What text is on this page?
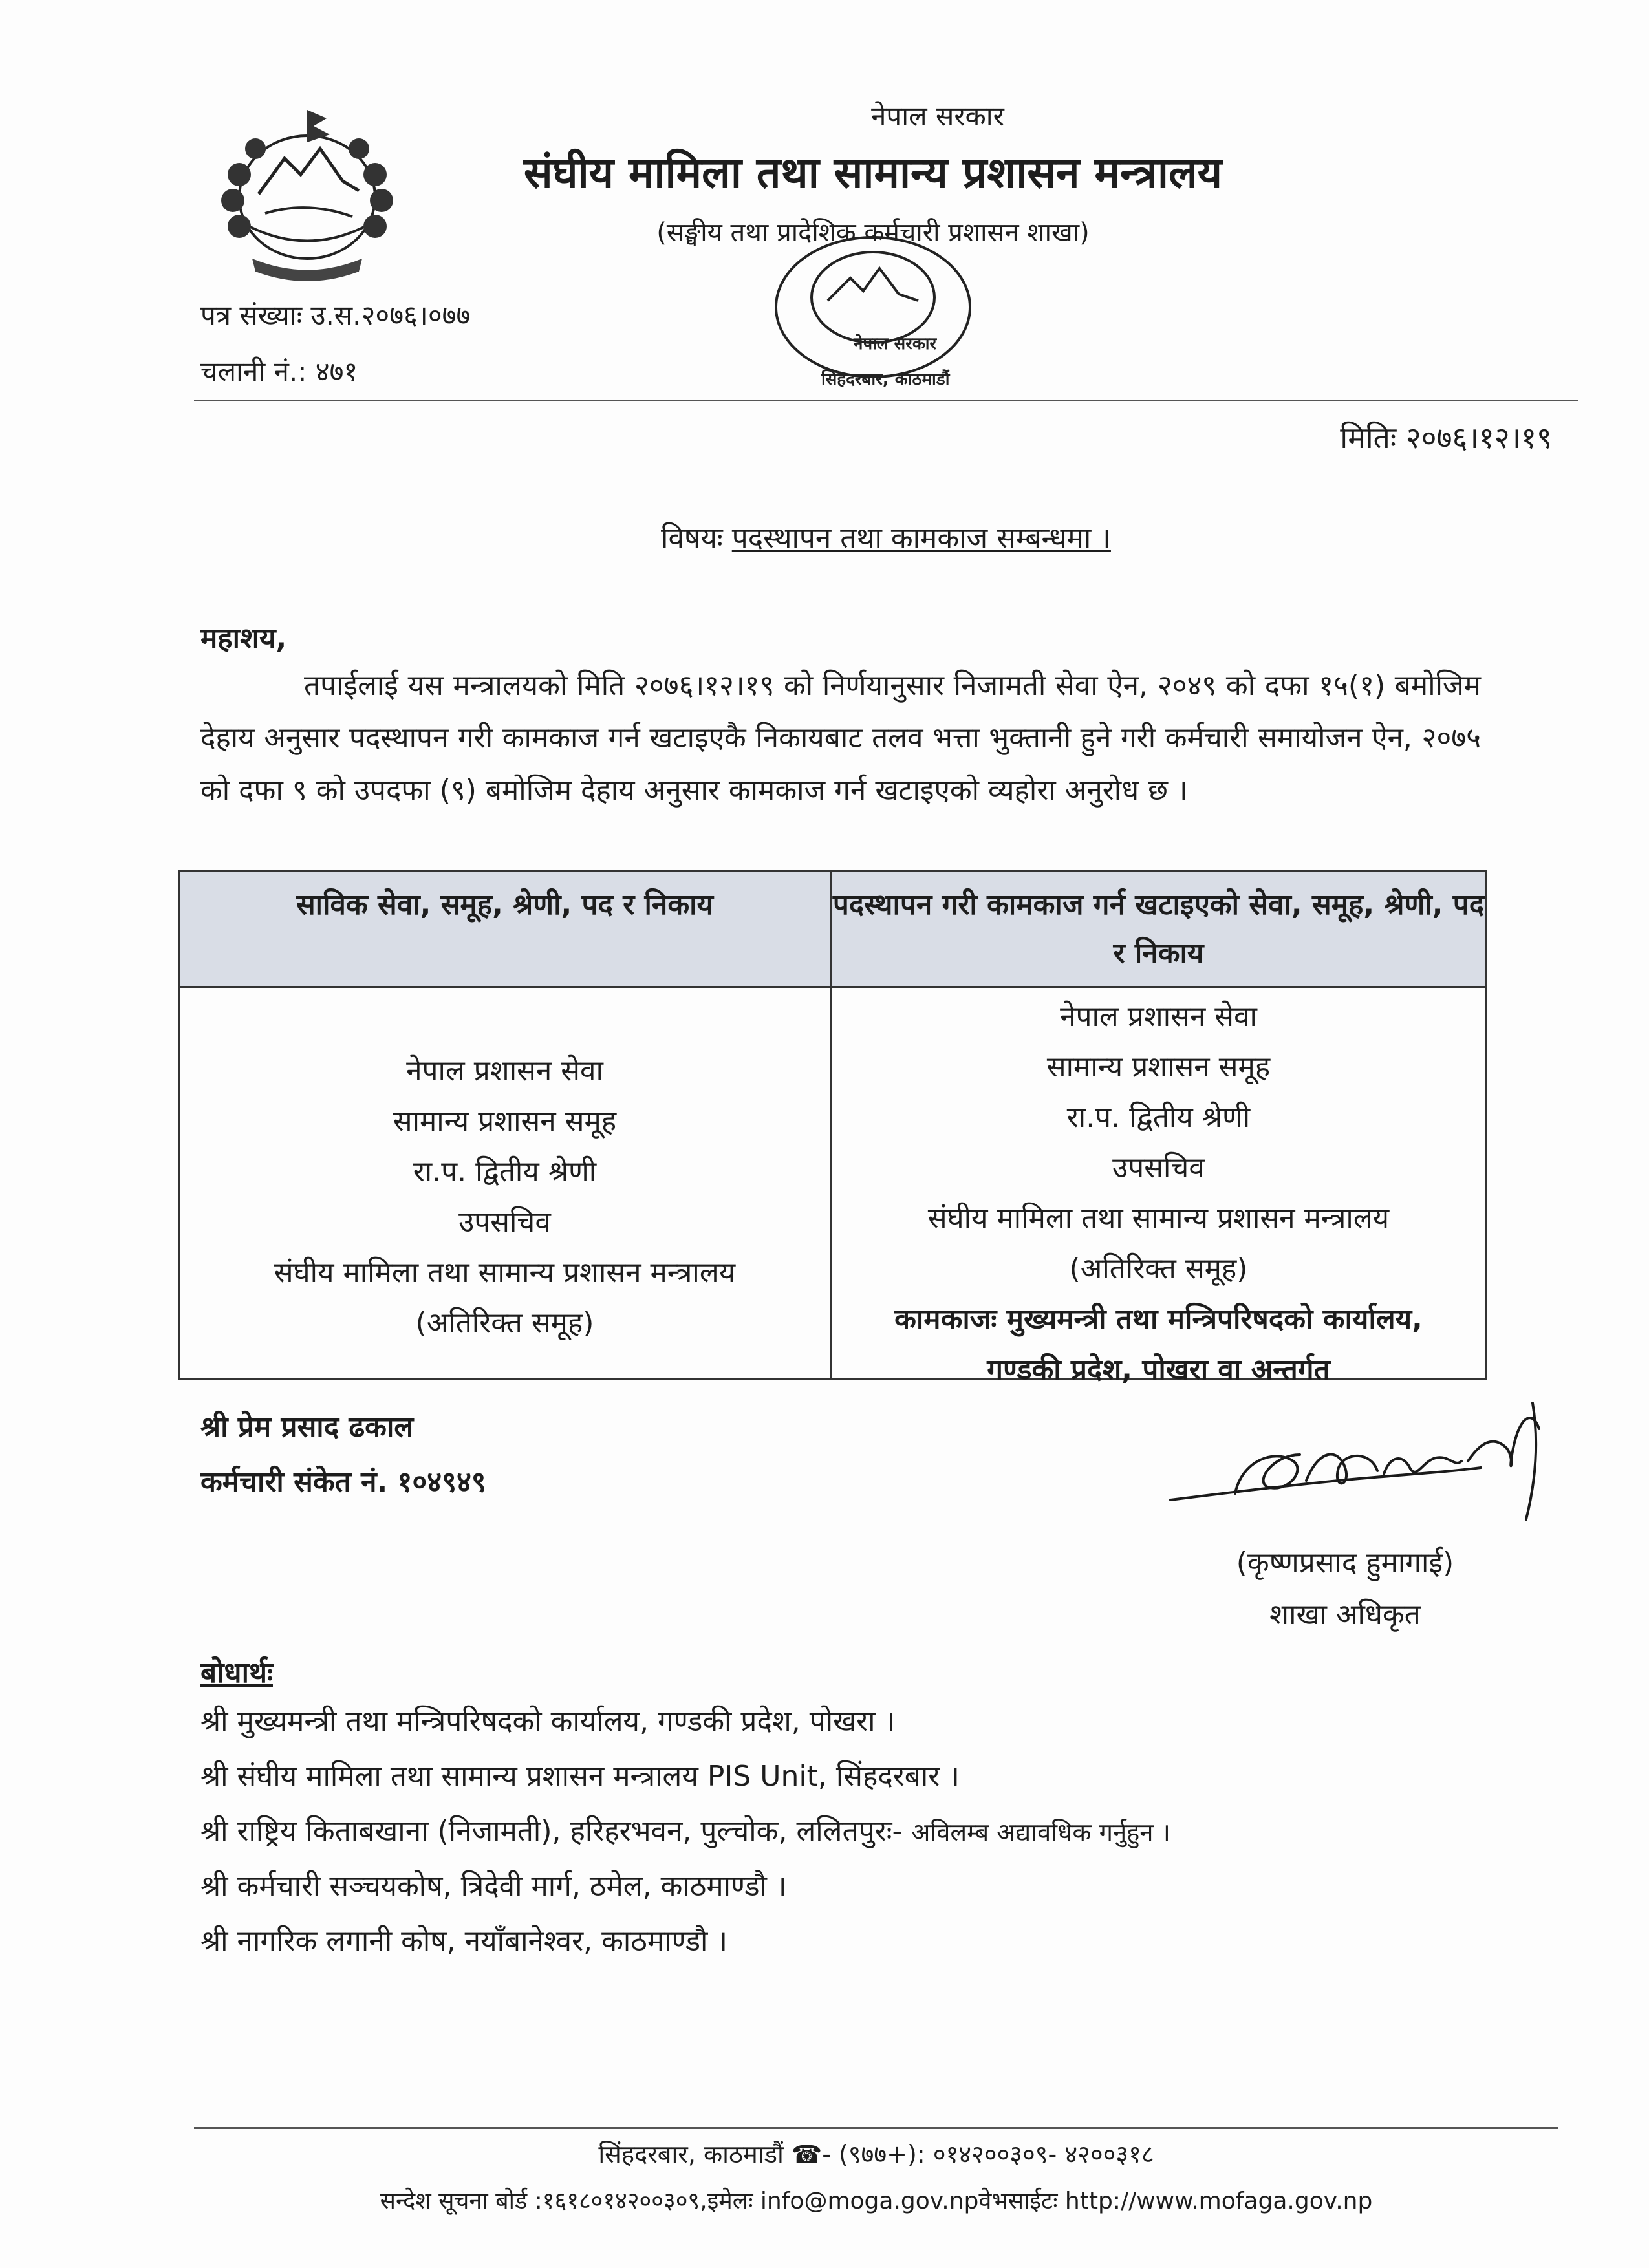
नेपाल सरकार
संघीय मामिला तथा सामान्य प्रशासन मन्त्रालय
(सङ्घीय तथा प्रादेशिक कर्मचारी प्रशासन शाखा)
नेपाल सरकार
सिंहदरबार, काठमाडौं
पत्र संख्याः उ.स.२०७६।०७७
चलानी नं.: ४७१
मितिः २०७६।१२।१९
विषयः पदस्थापन तथा कामकाज सम्बन्धमा ।
महाशय,
तपाईलाई यस मन्त्रालयको मिति २०७६।१२।१९ को निर्णयानुसार निजामती सेवा ऐन, २०४९ को दफा १५(१) बमोजिम देहाय अनुसार पदस्थापन गरी कामकाज गर्न खटाइएकै निकायबाट तलव भत्ता भुक्तानी हुने गरी कर्मचारी समायोजन ऐन, २०७५ को दफा ९ को उपदफा (९) बमोजिम देहाय अनुसार कामकाज गर्न खटाइएको व्यहोरा अनुरोध छ ।
साविक सेवा, समूह, श्रेणी, पद र निकाय	पदस्थापन गरी कामकाज गर्न खटाइएको सेवा, समूह, श्रेणी, पद र निकाय
नेपाल प्रशासन सेवा
सामान्य प्रशासन समूह
रा.प. द्वितीय श्रेणी
उपसचिव
संघीय मामिला तथा सामान्य प्रशासन मन्त्रालय
(अतिरिक्त समूह)
नेपाल प्रशासन सेवा
सामान्य प्रशासन समूह
रा.प. द्वितीय श्रेणी
उपसचिव
संघीय मामिला तथा सामान्य प्रशासन मन्त्रालय
(अतिरिक्त समूह)
कामकाजः मुख्यमन्त्री तथा मन्त्रिपरिषदको कार्यालय,
गण्डकी प्रदेश, पोखरा वा अन्तर्गत
श्री प्रेम प्रसाद ढकाल
कर्मचारी संकेत नं. १०४९४९
(कृष्णप्रसाद हुमागाई)
शाखा अधिकृत
बोधार्थः
श्री मुख्यमन्त्री तथा मन्त्रिपरिषदको कार्यालय, गण्डकी प्रदेश, पोखरा ।
श्री संघीय मामिला तथा सामान्य प्रशासन मन्त्रालय PIS Unit, सिंहदरबार ।
श्री राष्ट्रिय किताबखाना (निजामती), हरिहरभवन, पुल्चोक, ललितपुरः- अविलम्ब अद्यावधिक गर्नुहुन ।
श्री कर्मचारी सञ्चयकोष, त्रिदेवी मार्ग, ठमेल, काठमाण्डौ ।
श्री नागरिक लगानी कोष, नयाँबानेश्वर, काठमाण्डौ ।
सिंहदरबार, काठमाडौं ☎- (९७७+): ०१४२००३०९- ४२००३१८
सन्देश सूचना बोर्ड :१६१८०१४२००३०९,इमेलः info@moga.gov.npवेभसाईटः http://www.mofaga.gov.np
